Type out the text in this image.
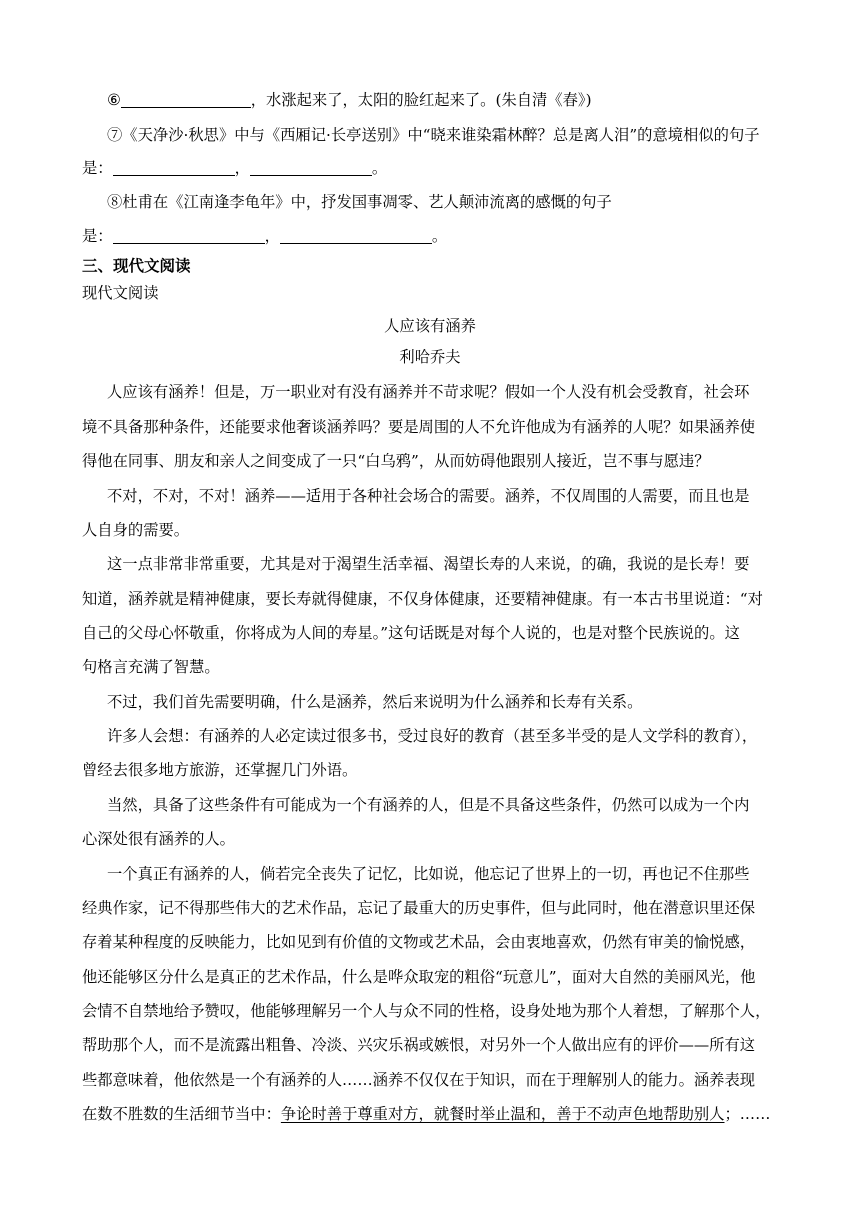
⑥	，水涨起来了，太阳的脸红起来了。(朱自清《春》)
⑦《天净沙·秋思》中与《西厢记·长亭送别》中“晓来谁染霜林醉？总是离人泪”的意境相似的句子
是：	，	。
⑧杜甫在《江南逢李龟年》中，抒发国事凋零、艺人颠沛流离的感慨的句子
是：	，	。
三、现代文阅读
现代文阅读
人应该有涵养
利哈乔夫
人应该有涵养！但是，万一职业对有没有涵养并不苛求呢？假如一个人没有机会受教育，社会环
境不具备那种条件，还能要求他奢谈涵养吗？要是周围的人不允许他成为有涵养的人呢？如果涵养使
得他在同事、朋友和亲人之间变成了一只“白乌鸦”，从而妨碍他跟别人接近，岂不事与愿违？
不对，不对，不对！涵养——适用于各种社会场合的需要。涵养，不仅周围的人需要，而且也是
人自身的需要。
这一点非常非常重要，尤其是对于渴望生活幸福、渴望长寿的人来说，的确，我说的是长寿！要
知道，涵养就是精神健康，要长寿就得健康，不仅身体健康，还要精神健康。有一本古书里说道：“对
自己的父母心怀敬重，你将成为人间的寿星。”这句话既是对每个人说的，也是对整个民族说的。这
句格言充满了智慧。
不过，我们首先需要明确，什么是涵养，然后来说明为什么涵养和长寿有关系。
许多人会想：有涵养的人必定读过很多书，受过良好的教育（甚至多半受的是人文学科的教育），
曾经去很多地方旅游，还掌握几门外语。
当然，具备了这些条件有可能成为一个有涵养的人，但是不具备这些条件，仍然可以成为一个内
心深处很有涵养的人。
一个真正有涵养的人，倘若完全丧失了记忆，比如说，他忘记了世界上的一切，再也记不住那些
经典作家，记不得那些伟大的艺术作品，忘记了最重大的历史事件，但与此同时，他在潜意识里还保
存着某种程度的反映能力，比如见到有价值的文物或艺术品，会由衷地喜欢，仍然有审美的愉悦感，
他还能够区分什么是真正的艺术作品，什么是哗众取宠的粗俗“玩意儿”，面对大自然的美丽风光，他
会情不自禁地给予赞叹，他能够理解另一个人与众不同的性格，设身处地为那个人着想，了解那个人，
帮助那个人，而不是流露出粗鲁、冷淡、兴灾乐祸或嫉恨，对另外一个人做出应有的评价——所有这
些都意味着，他依然是一个有涵养的人……涵养不仅仅在于知识，而在于理解别人的能力。涵养表现
在数不胜数的生活细节当中：争论时善于尊重对方，就餐时举止温和，善于不动声色地帮助别人；……
